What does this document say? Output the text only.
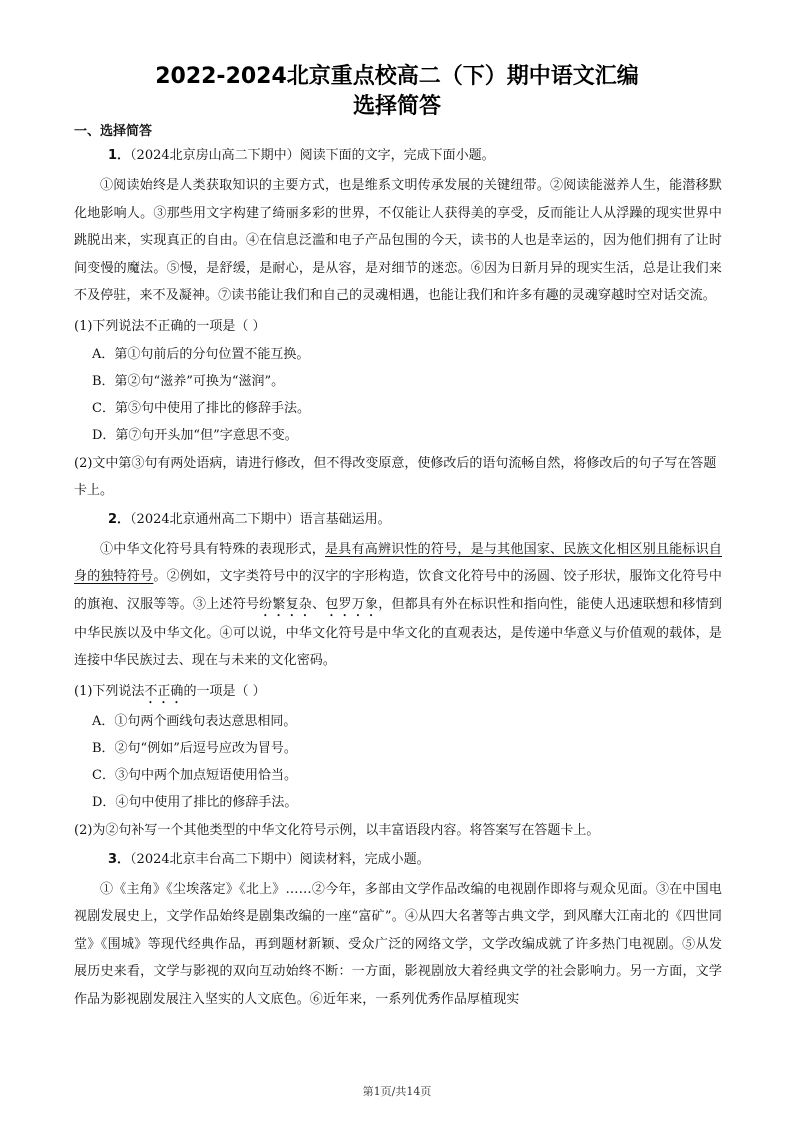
2022-2024北京重点校高二（下）期中语文汇编
选择简答
一、选择简答
1．（2024北京房山高二下期中）阅读下面的文字，完成下面小题。

①阅读始终是人类获取知识的主要方式，也是维系文明传承发展的关键纽带。②阅读能滋养人生，能潜移默化地影响人。③那些用文字构建了绮丽多彩的世界，不仅能让人获得美的享受，反而能让人从浮躁的现实世界中跳脱出来，实现真正的自由。④在信息泛滥和电子产品包围的今天，读书的人也是幸运的，因为他们拥有了让时间变慢的魔法。⑤慢，是舒缓，是耐心，是从容，是对细节的迷恋。⑥因为日新月异的现实生活，总是让我们来不及停驻，来不及凝神。⑦读书能让我们和自己的灵魂相遇，也能让我们和许多有趣的灵魂穿越时空对话交流。

(1)下列说法不正确的一项是（ ）
A．第①句前后的分句位置不能互换。
B．第②句“滋养”可换为“滋润”。
C．第⑤句中使用了排比的修辞手法。
D．第⑦句开头加“但”字意思不变。
(2)文中第③句有两处语病，请进行修改，但不得改变原意，使修改后的语句流畅自然，将修改后的句子写在答题卡上。
2．（2024北京通州高二下期中）语言基础运用。

①中华文化符号具有特殊的表现形式，是具有高辨识性的符号，是与其他国家、民族文化相区别且能标识自身的独特符号。②例如，文字类符号中的汉字的字形构造，饮食文化符号中的汤圆、饺子形状，服饰文化符号中的旗袍、汉服等等。③上述符号纷繁复杂、包罗万象，但都具有外在标识性和指向性，能使人迅速联想和移情到中华民族以及中华文化。④可以说，中华文化符号是中华文化的直观表达，是传递中华意义与价值观的载体，是连接中华民族过去、现在与未来的文化密码。

(1)下列说法不正确的一项是（ ）
A．①句两个画线句表达意思相同。
B．②句“例如”后逗号应改为冒号。
C．③句中两个加点短语使用恰当。
D．④句中使用了排比的修辞手法。
(2)为②句补写一个其他类型的中华文化符号示例，以丰富语段内容。将答案写在答题卡上。
3．（2024北京丰台高二下期中）阅读材料，完成小题。

①《主角》《尘埃落定》《北上》……②今年，多部由文学作品改编的电视剧作即将与观众见面。③在中国电视剧发展史上，文学作品始终是剧集改编的一座“富矿”。④从四大名著等古典文学，到风靡大江南北的《四世同堂》《围城》等现代经典作品，再到题材新颖、受众广泛的网络文学，文学改编成就了许多热门电视剧。⑤从发展历史来看，文学与影视的双向互动始终不断：一方面，影视剧放大着经典文学的社会影响力。另一方面，文学作品为影视剧发展注入坚实的人文底色。⑥近年来，一系列优秀作品厚植现实

第1页/共14页
